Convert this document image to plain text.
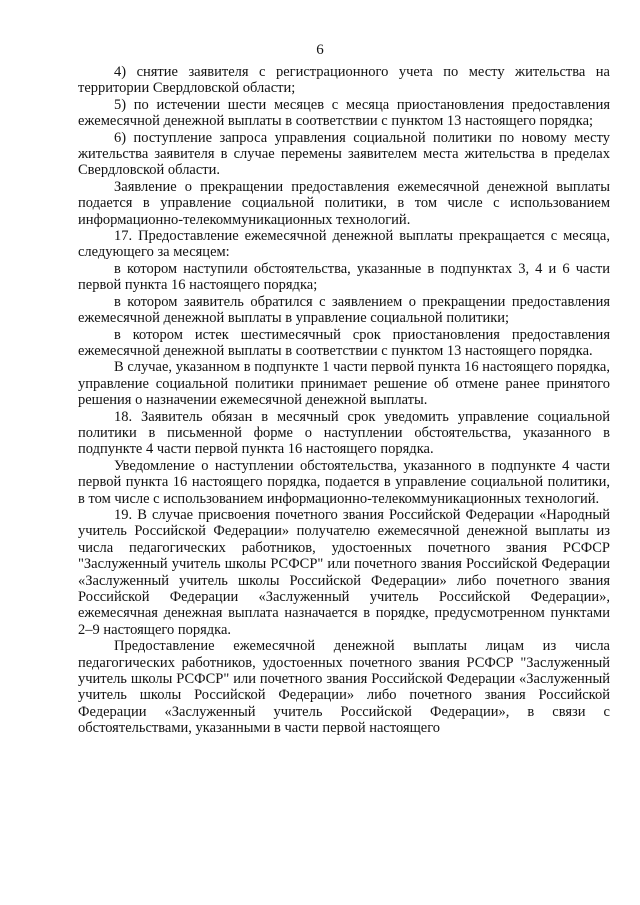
6

4) снятие заявителя с регистрационного учета по месту жительства на территории Свердловской области;

5) по истечении шести месяцев с месяца приостановления предоставления ежемесячной денежной выплаты в соответствии с пунктом 13 настоящего порядка;

6) поступление запроса управления социальной политики по новому месту жительства заявителя в случае перемены заявителем места жительства в пределах Свердловской области.

Заявление о прекращении предоставления ежемесячной денежной выплаты подается в управление социальной политики, в том числе с использованием информационно-телекоммуникационных технологий.

17. Предоставление ежемесячной денежной выплаты прекращается с месяца, следующего за месяцем:

в котором наступили обстоятельства, указанные в подпунктах 3, 4 и 6 части первой пункта 16 настоящего порядка;

в котором заявитель обратился с заявлением о прекращении предоставления ежемесячной денежной выплаты в управление социальной политики;

в котором истек шестимесячный срок приостановления предоставления ежемесячной денежной выплаты в соответствии с пунктом 13 настоящего порядка.

В случае, указанном в подпункте 1 части первой пункта 16 настоящего порядка, управление социальной политики принимает решение об отмене ранее принятого решения о назначении ежемесячной денежной выплаты.

18. Заявитель обязан в месячный срок уведомить управление социальной политики в письменной форме о наступлении обстоятельства, указанного в подпункте 4 части первой пункта 16 настоящего порядка.

Уведомление о наступлении обстоятельства, указанного в подпункте 4 части первой пункта 16 настоящего порядка, подается в управление социальной политики, в том числе с использованием информационно-телекоммуникационных технологий.

19. В случае присвоения почетного звания Российской Федерации «Народный учитель Российской Федерации» получателю ежемесячной денежной выплаты из числа педагогических работников, удостоенных почетного звания РСФСР "Заслуженный учитель школы РСФСР" или почетного звания Российской Федерации «Заслуженный учитель школы Российской Федерации» либо почетного звания Российской Федерации «Заслуженный учитель Российской Федерации», ежемесячная денежная выплата назначается в порядке, предусмотренном пунктами 2–9 настоящего порядка.

Предоставление ежемесячной денежной выплаты лицам из числа педагогических работников, удостоенных почетного звания РСФСР "Заслуженный учитель школы РСФСР" или почетного звания Российской Федерации «Заслуженный учитель школы Российской Федерации» либо почетного звания Российской Федерации «Заслуженный учитель Российской Федерации», в связи с обстоятельствами, указанными в части первой настоящего
